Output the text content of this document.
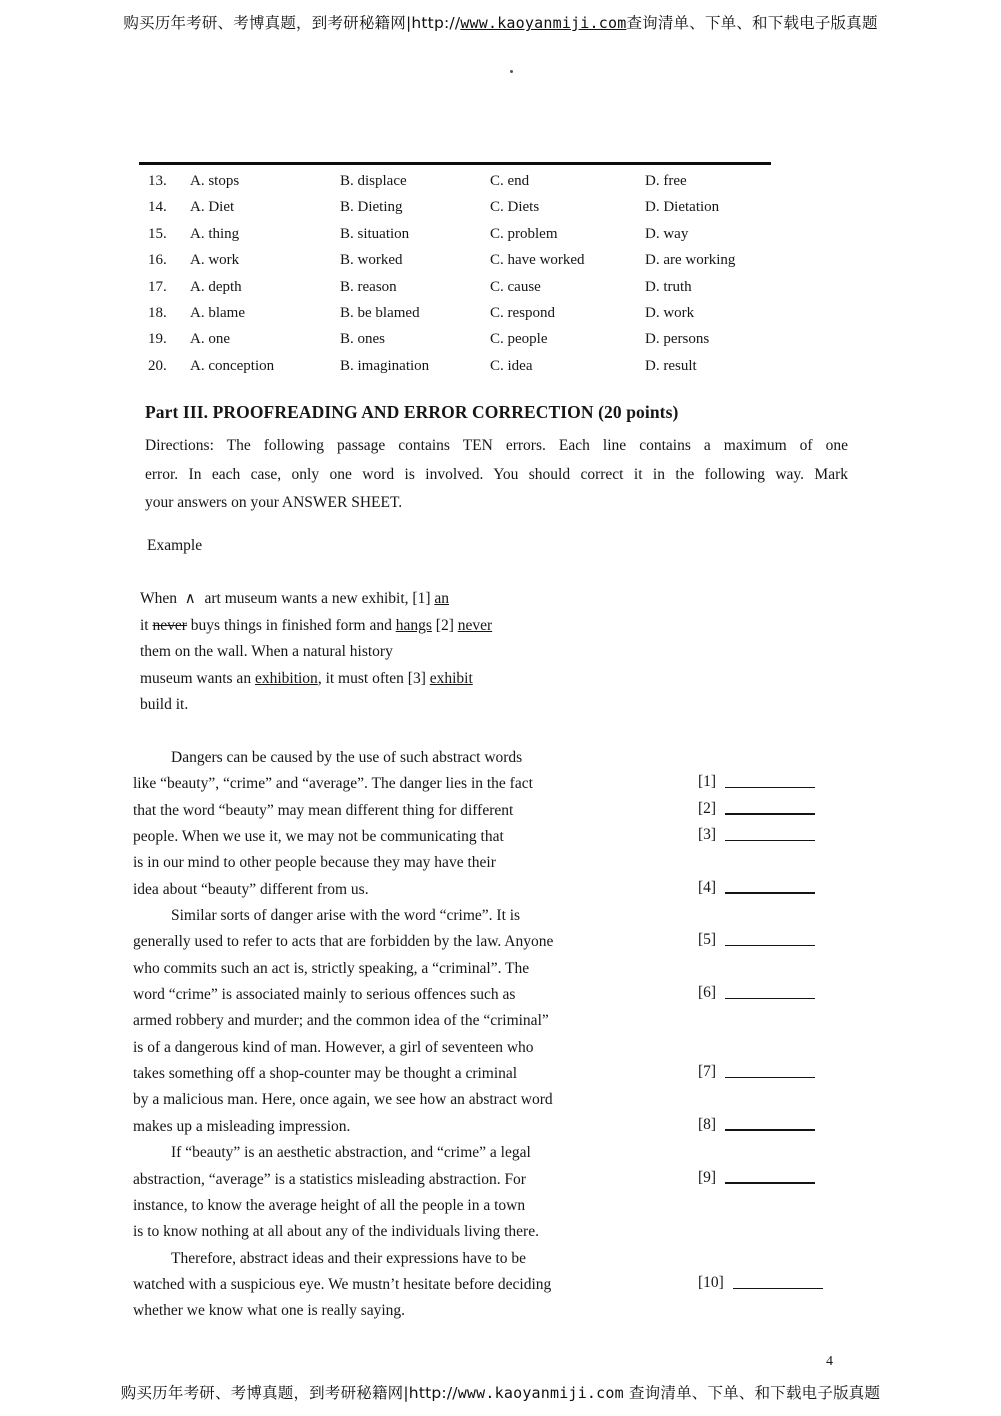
购买历年考研、考博真题，到考研秘籍网|http://www.kaoyanmiji.com查询清单、下单、和下载电子版真题
13.	A. stops	B. displace	C. end	D. free
14.	A. Diet	B. Dieting	C. Diets	D. Dietation
15.	A. thing	B. situation	C. problem	D. way
16.	A. work	B. worked	C. have worked	D. are working
17.	A. depth	B. reason	C. cause	D. truth
18.	A. blame	B. be blamed	C. respond	D. work
19.	A. one	B. ones	C. people	D. persons
20.	A. conception	B. imagination	C. idea	D. result
Part III. PROOFREADING AND ERROR CORRECTION (20 points)
Directions: The following passage contains TEN errors. Each line contains a maximum of one
error. In each case, only one word is involved. You should correct it in the following way. Mark
your answers on your ANSWER SHEET.
Example
When  ∧  art museum wants a new exhibit, [1] an
it never buys things in finished form and hangs [2] never
them on the wall. When a natural history
museum wants an exhibition, it must often [3] exhibit
build it.
Dangers can be caused by the use of such abstract words
like “beauty”, “crime” and “average”. The danger lies in the fact
that the word “beauty” may mean different thing for different
people. When we use it, we may not be communicating that
is in our mind to other people because they may have their
idea about “beauty” different from us.
Similar sorts of danger arise with the word “crime”. It is
generally used to refer to acts that are forbidden by the law. Anyone
who commits such an act is, strictly speaking, a “criminal”. The
word “crime” is associated mainly to serious offences such as
armed robbery and murder; and the common idea of the “criminal”
is of a dangerous kind of man. However, a girl of seventeen who
takes something off a shop-counter may be thought a criminal
by a malicious man. Here, once again, we see how an abstract word
makes up a misleading impression.
If “beauty” is an aesthetic abstraction, and “crime” a legal
abstraction, “average” is a statistics misleading abstraction. For
instance, to know the average height of all the people in a town
is to know nothing at all about any of the individuals living there.
Therefore, abstract ideas and their expressions have to be
watched with a suspicious eye. We mustn’t hesitate before deciding
whether we know what one is really saying.
[1]
[2]
[3]
[4]
[5]
[6]
[7]
[8]
[9]
[10]
4
购买历年考研、考博真题，到考研秘籍网|http://www.kaoyanmiji.com 查询清单、下单、和下载电子版真题
